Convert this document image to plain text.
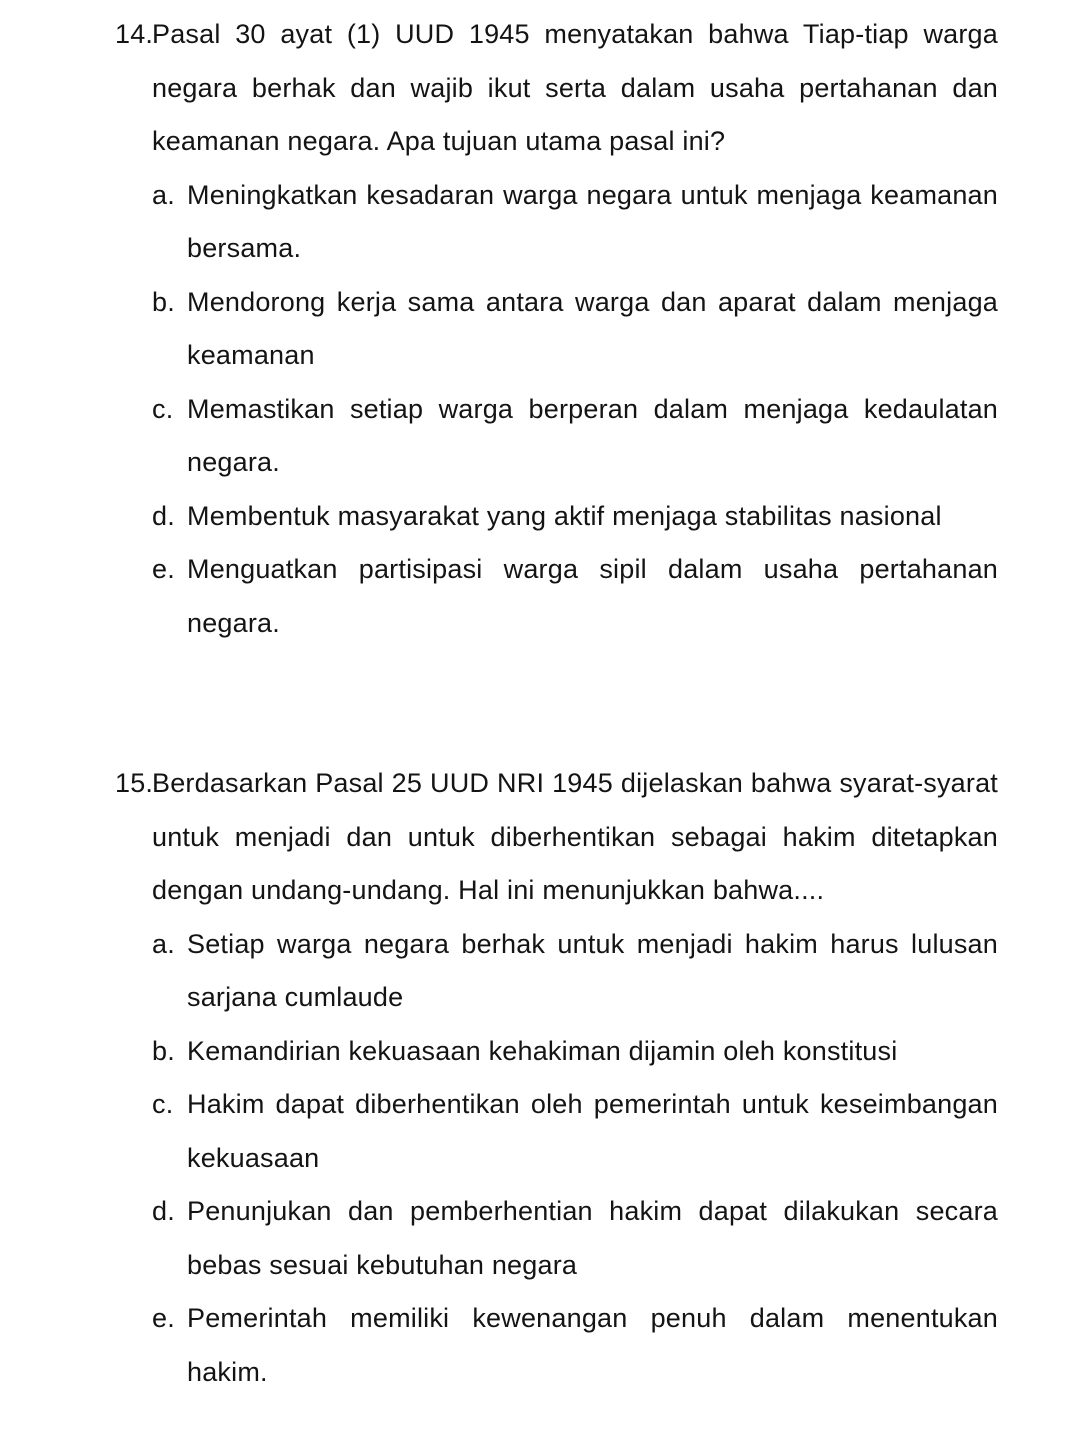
14.
Pasal 30 ayat (1) UUD 1945 menyatakan bahwa Tiap-tiap warga negara berhak dan wajib ikut serta dalam usaha pertahanan dan keamanan negara. Apa tujuan utama pasal ini?
a. Meningkatkan kesadaran warga negara untuk menjaga keamanan bersama.
b. Mendorong kerja sama antara warga dan aparat dalam menjaga keamanan
c. Memastikan setiap warga berperan dalam menjaga kedaulatan negara.
d. Membentuk masyarakat yang aktif menjaga stabilitas nasional
e. Menguatkan partisipasi warga sipil dalam usaha pertahanan negara.
15.
Berdasarkan Pasal 25 UUD NRI 1945 dijelaskan bahwa syarat-syarat untuk menjadi dan untuk diberhentikan sebagai hakim ditetapkan dengan undang-undang. Hal ini menunjukkan bahwa....
a. Setiap warga negara berhak untuk menjadi hakim harus lulusan sarjana cumlaude
b. Kemandirian kekuasaan kehakiman dijamin oleh konstitusi
c. Hakim dapat diberhentikan oleh pemerintah untuk keseimbangan kekuasaan
d. Penunjukan dan pemberhentian hakim dapat dilakukan secara bebas sesuai kebutuhan negara
e. Pemerintah memiliki kewenangan penuh dalam menentukan hakim.
